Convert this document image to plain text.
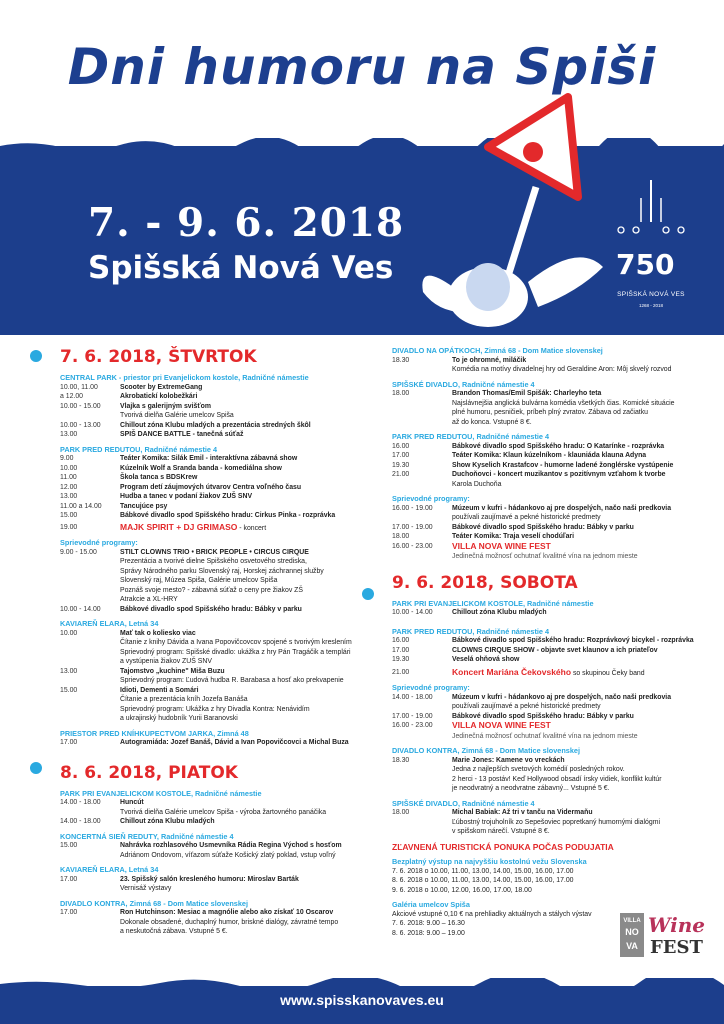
Dni humoru na Spiši
7. - 9. 6. 2018
Spišská Nová Ves	750
SPIŠSKÁ NOVÁ VES
1268 - 2018
7. 6. 2018, ŠTVRTOK
CENTRAL PARK - priestor pri Evanjelickom kostole, Radničné námestie
10.00, 11.00	Scooter by ExtremeGang
a 12.00	Akrobatickí kolobežkári
10.00 - 15.00	Vlajka s galerijným svišťom
Tvorivá dielňa Galérie umelcov Spiša
10.00 - 13.00	Chillout zóna Klubu mladých a prezentácia stredných škôl
13.00	SPIŠ DANCE BATTLE - tanečná súťaž
PARK PRED REDUTOU, Radničné námestie 4
9.00	Teáter Komika: Silák Emil - interaktívna zábavná show
10.00	Kúzelník Wolf a Sranda banda - komediálna show
11.00	Škola tanca s BDSKrew
12.00	Program detí záujmových útvarov Centra voľného času
13.00	Hudba a tanec v podaní žiakov ZUŠ SNV
11.00 a 14.00	Tancujúce psy
15.00	Bábkové divadlo spod Spišského hradu: Cirkus Pinka - rozprávka
19.00	MAJK SPIRIT + DJ GRIMASO - koncert
Sprievodné programy:
9.00 - 15.00	STILT CLOWNS TRIO • BRICK PEOPLE • CIRCUS CIRQUE
Prezentácia a tvorivé dielne Spišského osvetového strediska,
Správy Národného parku Slovenský raj, Horskej záchrannej služby
Slovenský raj, Múzea Spiša, Galérie umelcov Spiša
Poznáš svoje mesto? - zábavná súťaž o ceny pre žiakov ZŠ
Atrakcie a XL-HRY
10.00 - 14.00	Bábkové divadlo spod Spišského hradu: Bábky v parku
KAVIAREŇ ELARA, Letná 34
10.00	Mať tak o koliesko viac
Čítanie z knihy Dávida a Ivana Popovičcovcov spojené s tvorivým kreslením
Sprievodný program: Spišské divadlo: ukážka z hry Pán Tragáčik a templári
a vystúpenia žiakov ZUŠ SNV
13.00	Tajomstvo „kuchine" Miša Buzu
Sprievodný program: Ľudová hudba R. Barabasa a hosť ako prekvapenie
15.00	Idioti, Dementi a Somári
Čítanie a prezentácia kníh Jozefa Banáša
Sprievodný program: Ukážka z hry Divadla Kontra: Nenávidím
a ukrajinský hudobník Yurii Baranovski
PRIESTOR PRED KNÍHKUPECTVOM JARKA, Zimná 48
17.00	Autogramiáda: Jozef Banáš, Dávid a Ivan Popovičcovci a Michal Buza
8. 6. 2018, PIATOK
PARK PRI EVANJELICKOM KOSTOLE, Radničné námestie
14.00 - 18.00	Huncút
Tvorivá dielňa Galérie umelcov Spiša - výroba žartovného panáčika
14.00 - 18.00	Chillout zóna Klubu mladých
KONCERTNÁ SIEŇ REDUTY, Radničné námestie 4
15.00	Nahrávka rozhlasového Usmevníka Rádia Regina Východ s hosťom
Adriánom Ondovom, víťazom súťaže Košický zlatý poklad, vstup voľný
KAVIAREŇ ELARA, Letná 34
17.00	23. Spišský salón kresleného humoru: Miroslav Barták
Vernisáž výstavy
DIVADLO KONTRA, Zimná 68 - Dom Matice slovenskej
17.00	Ron Hutchinson: Mesiac a magnólie alebo ako získať 10 Oscarov
Dokonale obsadené, duchaplný humor, briskné dialógy, závratné tempo
a neskutočná zábava. Vstupné 5 €.
DIVADLO NA OPÁTKOCH, Zimná 68 - Dom Matice slovenskej
18.30	To je ohromné, miláčik
Komédia na motívy divadelnej hry od Geraldine Aron: Môj skvelý rozvod
SPIŠSKÉ DIVADLO, Radničné námestie 4
18.00	Brandon Thomas/Emil Spišák: Charleyho teta
Najslávnejšia anglická bulvárna komédia všetkých čias. Komické situácie
plné humoru, pesničiek, príbeh plný zvratov. Zábava od začiatku
až do konca. Vstupné 8 €.
PARK PRED REDUTOU, Radničné námestie 4
16.00	Bábkové divadlo spod Spišského hradu: O Katarínke - rozprávka
17.00	Teáter Komika: Klaun kúzelníkom - klauniáda klauna Adyna
19.30	Show Kyselich Krastafcov - humorne ladené žonglérske vystúpenie
21.00	Duchoňovci - koncert muzikantov s pozitívnym vzťahom k tvorbe
Karola Duchoňa
Sprievodné programy:
16.00 - 19.00	Múzeum v kufri - hádankovo aj pre dospelých, načo naši predkovia
používali zaujímavé a pekné historické predmety
17.00 - 19.00	Bábkové divadlo spod Spišského hradu: Bábky v parku
18.00	Teáter Komika: Traja veselí chodúľari
16.00 - 23.00	VILLA NOVA WINE FEST
Jedinečná možnosť ochutnať kvalitné vína na jednom mieste
9. 6. 2018, SOBOTA
PARK PRI EVANJELICKOM KOSTOLE, Radničné námestie
10.00 - 14.00	Chillout zóna Klubu mladých
PARK PRED REDUTOU, Radničné námestie 4
16.00	Bábkové divadlo spod Spišského hradu: Rozprávkový bicykel - rozprávka
17.00	CLOWNS CIRQUE SHOW - objavte svet klaunov a ich priateľov
19.30	Veselá ohňová show
21.00	Koncert Mariána Čekovského so skupinou Čeky band
Sprievodné programy:
14.00 - 18.00	Múzeum v kufri - hádankovo aj pre dospelých, načo naši predkovia
používali zaujímavé a pekné historické predmety
17.00 - 19.00	Bábkové divadlo spod Spišského hradu: Bábky v parku
16.00 - 23.00	VILLA NOVA WINE FEST
Jedinečná možnosť ochutnať kvalitné vína na jednom mieste
DIVADLO KONTRA, Zimná 68 - Dom Matice slovenskej
18.30	Marie Jones: Kamene vo vreckách
Jedna z najlepších svetových komédií posledných rokov.
2 herci - 13 postáv! Keď Hollywood obsadí írsky vidiek, konflikt kultúr
je neodvratný a neodvratne zábavný... Vstupné 5 €.
SPIŠSKÉ DIVADLO, Radničné námestie 4
18.00	Michal Babiak: Až tri v tanču na Vidermaňu
Ľúbostný trojuholník zo Sepešoviec popretkaný humornými dialógmi
v spišskom nárečí. Vstupné 8 €.
ZĽAVNENÁ TURISTICKÁ PONUKA POČAS PODUJATIA
Bezplatný výstup na najvyššiu kostolnú vežu Slovenska
7. 6. 2018 o 10.00, 11.00, 13.00, 14.00, 15.00, 16.00, 17.00
8. 6. 2018 o 10.00, 11.00, 13.00, 14.00, 15.00, 16.00, 17.00
9. 6. 2018 o 10.00, 12.00, 16.00, 17.00, 18.00
Galéria umelcov Spiša
Akciové vstupné 0,10 € na prehliadky aktuálnych a stálych výstav
7. 6. 2018: 9.00 – 16.30
8. 6. 2018: 9.00 – 19.00
VILLA
NO VA
Wine
FEST
www.spisskanovaves.eu
